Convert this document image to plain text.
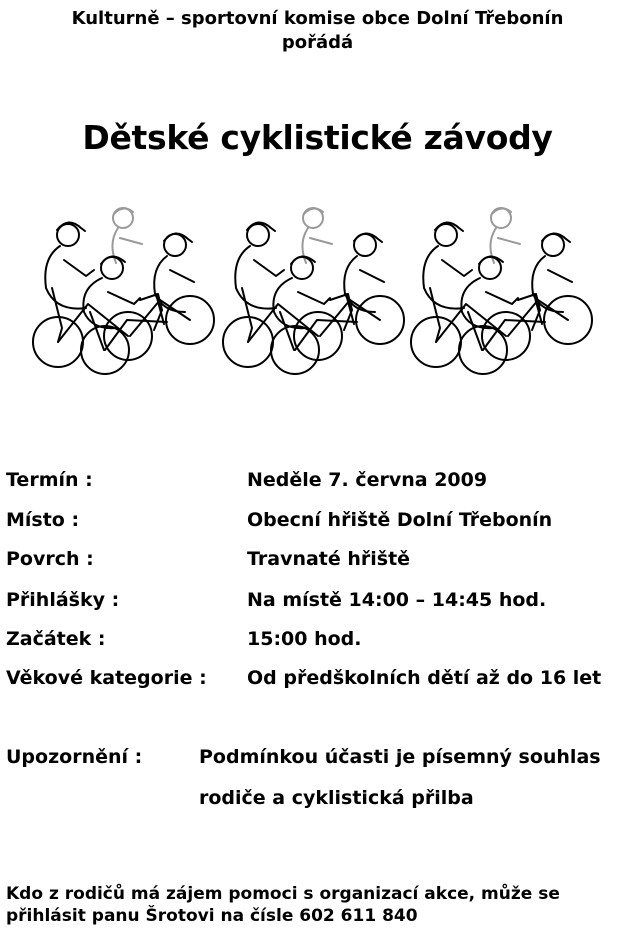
Kulturně – sportovní komise obce Dolní Třebonín
pořádá
Dětské cyklistické závody
Termín :	Neděle 7. června 2009
Místo :	Obecní hřiště Dolní Třebonín
Povrch :	Travnaté hřiště
Přihlášky :	Na místě 14:00 – 14:45 hod.
Začátek :	15:00 hod.
Věkové kategorie : Od předškolních dětí až do 16 let
Upozornění :	Podmínkou účasti je písemný souhlas
rodiče a cyklistická přilba
Kdo z rodičů má zájem pomoci s organizací akce, může se
přihlásit panu Šrotovi na čísle 602 611 840
